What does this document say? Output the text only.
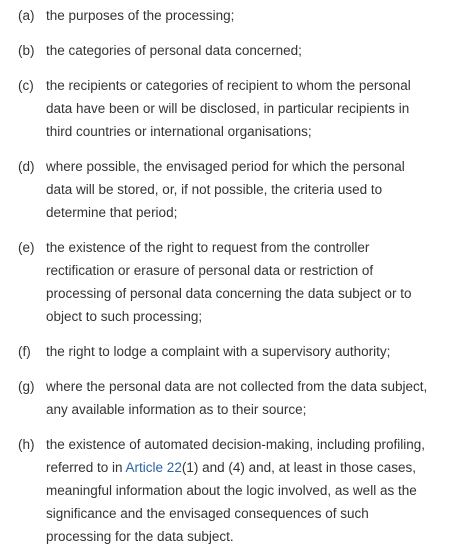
(a) the purposes of the processing;
(b) the categories of personal data concerned;
(c) the recipients or categories of recipient to whom the personal data have been or will be disclosed, in particular recipients in third countries or international organisations;
(d) where possible, the envisaged period for which the personal data will be stored, or, if not possible, the criteria used to determine that period;
(e) the existence of the right to request from the controller rectification or erasure of personal data or restriction of processing of personal data concerning the data subject or to object to such processing;
(f)	the right to lodge a complaint with a supervisory authority;
(g) where the personal data are not collected from the data subject, any available information as to their source;
(h) the existence of automated decision-making, including profiling, referred to in Article 22(1) and (4) and, at least in those cases, meaningful information about the logic involved, as well as the significance and the envisaged consequences of such processing for the data subject.
